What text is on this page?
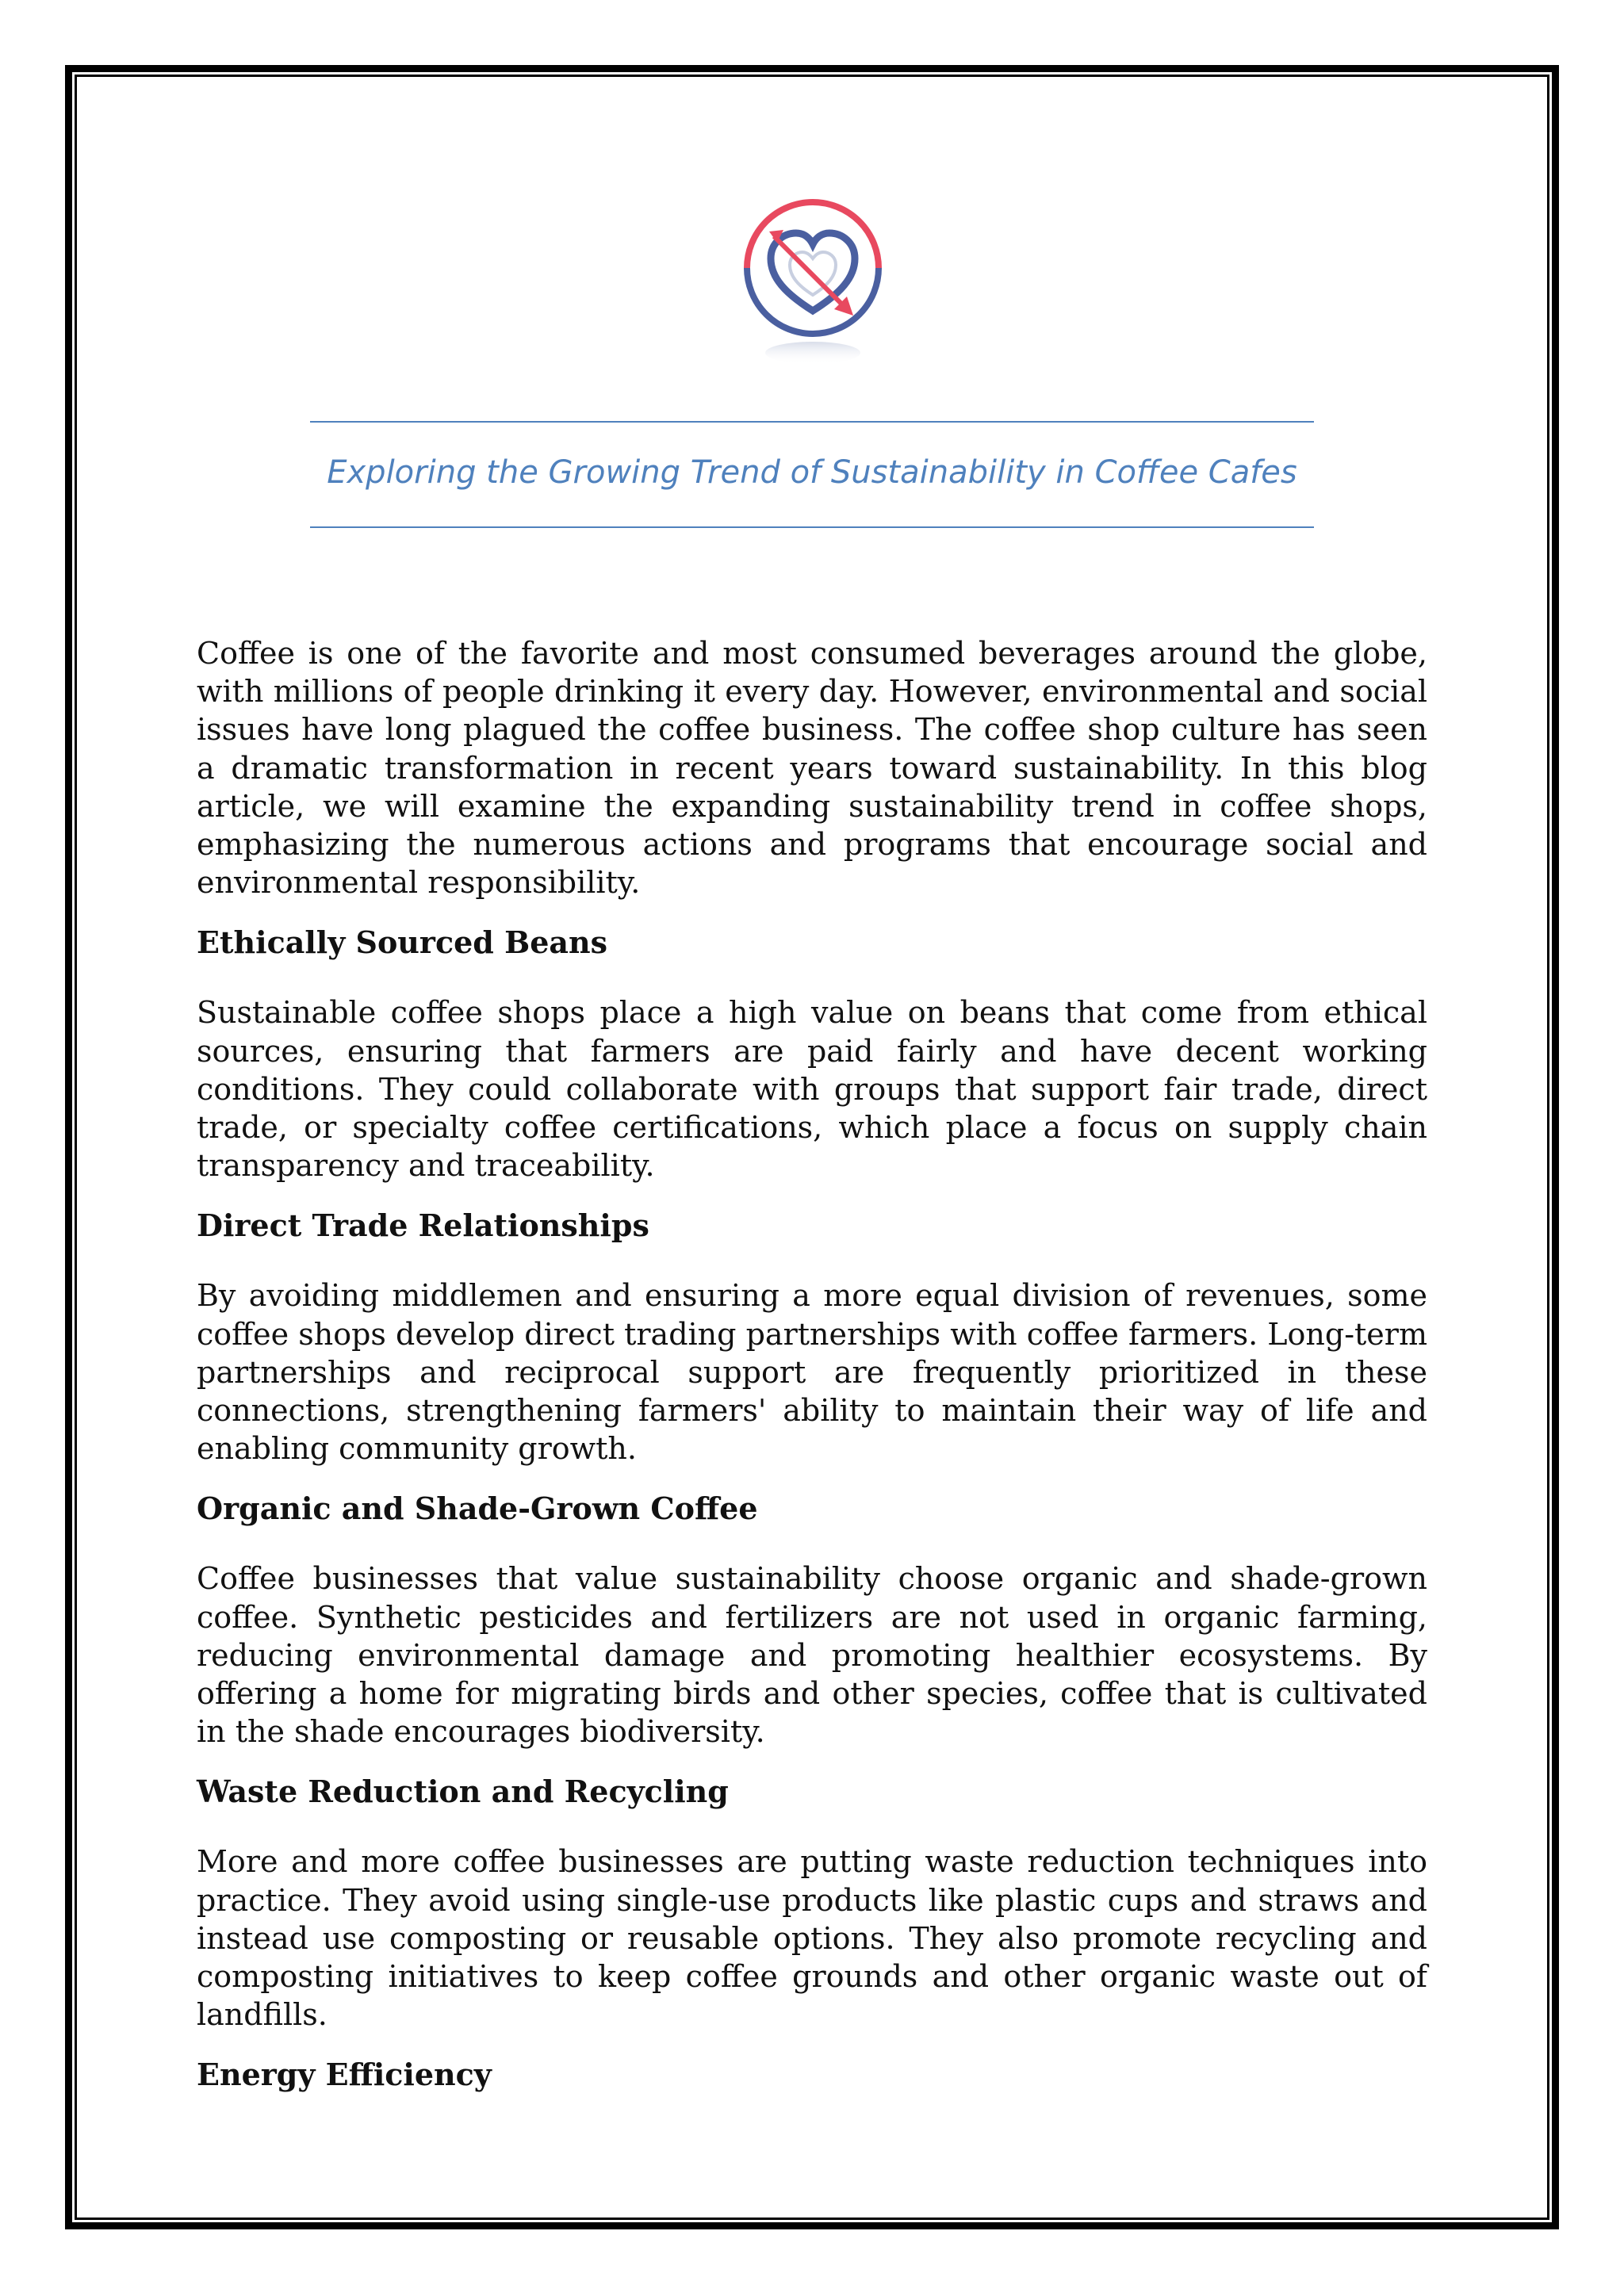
Exploring the Growing Trend of Sustainability in Coffee Cafes

Coffee is one of the favorite and most consumed beverages around the globe, with millions of people drinking it every day. However, environmental and social issues have long plagued the coffee business. The coffee shop culture has seen a dramatic transformation in recent years toward sustainability. In this blog article, we will examine the expanding sustainability trend in coffee shops, emphasizing the numerous actions and programs that encourage social and environmental responsibility.

Ethically Sourced Beans

Sustainable coffee shops place a high value on beans that come from ethical sources, ensuring that farmers are paid fairly and have decent working conditions. They could collaborate with groups that support fair trade, direct trade, or specialty coffee certifications, which place a focus on supply chain transparency and traceability.

Direct Trade Relationships

By avoiding middlemen and ensuring a more equal division of revenues, some coffee shops develop direct trading partnerships with coffee farmers. Long-term partnerships and reciprocal support are frequently prioritized in these connections, strengthening farmers' ability to maintain their way of life and enabling community growth.

Organic and Shade-Grown Coffee

Coffee businesses that value sustainability choose organic and shade-grown coffee. Synthetic pesticides and fertilizers are not used in organic farming, reducing environmental damage and promoting healthier ecosystems. By offering a home for migrating birds and other species, coffee that is cultivated in the shade encourages biodiversity.

Waste Reduction and Recycling

More and more coffee businesses are putting waste reduction techniques into practice. They avoid using single-use products like plastic cups and straws and instead use composting or reusable options. They also promote recycling and composting initiatives to keep coffee grounds and other organic waste out of landfills.

Energy Efficiency
